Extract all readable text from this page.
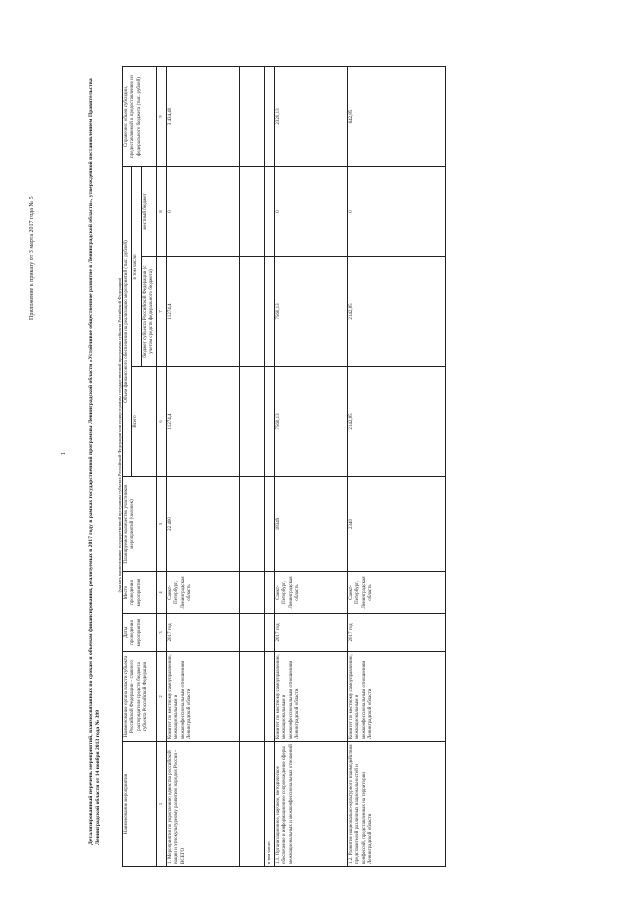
1
Приложение к приказу от 3 марта 2017 года № 5	Детализированный перечень мероприятий, взаимосвязанных по срокам и объемам финансирования, реализуемых в 2017 году в рамках государственной программы Ленинградской области «Устойчивое общественное развитие в Ленинградской области», утвержденной постановлением Правительства Ленинградской области от 14 ноября 2013 года № 399
(указать наименование государственной программы субъекта Российской Федерации или подпрограммы государственной программы субъекта Российской Федерации)
Наименование мероприятия	Наименование органа власти субъекта Российской Федерации – главного распорядителя средств бюджета субъекта Российской Федерации	Даты проведения мероприятия	Место проведения мероприятия	Планируемое количество участников мероприятий (человек)	Объем финансового обеспечения на реализацию мероприятий (тыс. рублей)			Справочно: объем субсидии, предоставляемой к предоставлению из федерального бюджета (тыс. рублей)
					Всего	в том числе:		
						бюджет субъекта Российской Федерации (с учетом средств федерального бюджета)	местный бюджет	
1	2	3	4	5	6	7	8	9
1. Мероприятия по укреплению единства российской нации и этнокультурному развитию народов России - ВСЕГО	Комитет по местному самоуправлению, межнациональным и межконфессиональным отношениям Ленинградской области	2017 год	Санкт-Петербург, Ленинградская область	22 400	11274,4	11274,4	0	3 434,40

в том числе:								
1.1. Организационное, научное, методическое обеспечение и информационное сопровождение сферы межнациональных и межконфессиональных отношений	Комитет по местному самоуправлению, межнациональным и межконфессиональным отношениям Ленинградской области	2017 год	Санкт-Петербург, Ленинградская область	18349	7560,13	7560,13	0	2320,13
1.2. Развитие национально-культурного взаимодействия представителей различных национальностей и конфессий, представленных на территории Ленинградской области	Комитет по местному самоуправлению, межнациональным и межконфессиональным отношениям Ленинградской области	2017 год	Санкт-Петербург, Ленинградская область	2340	2142,85	2142,85	0	642,85
